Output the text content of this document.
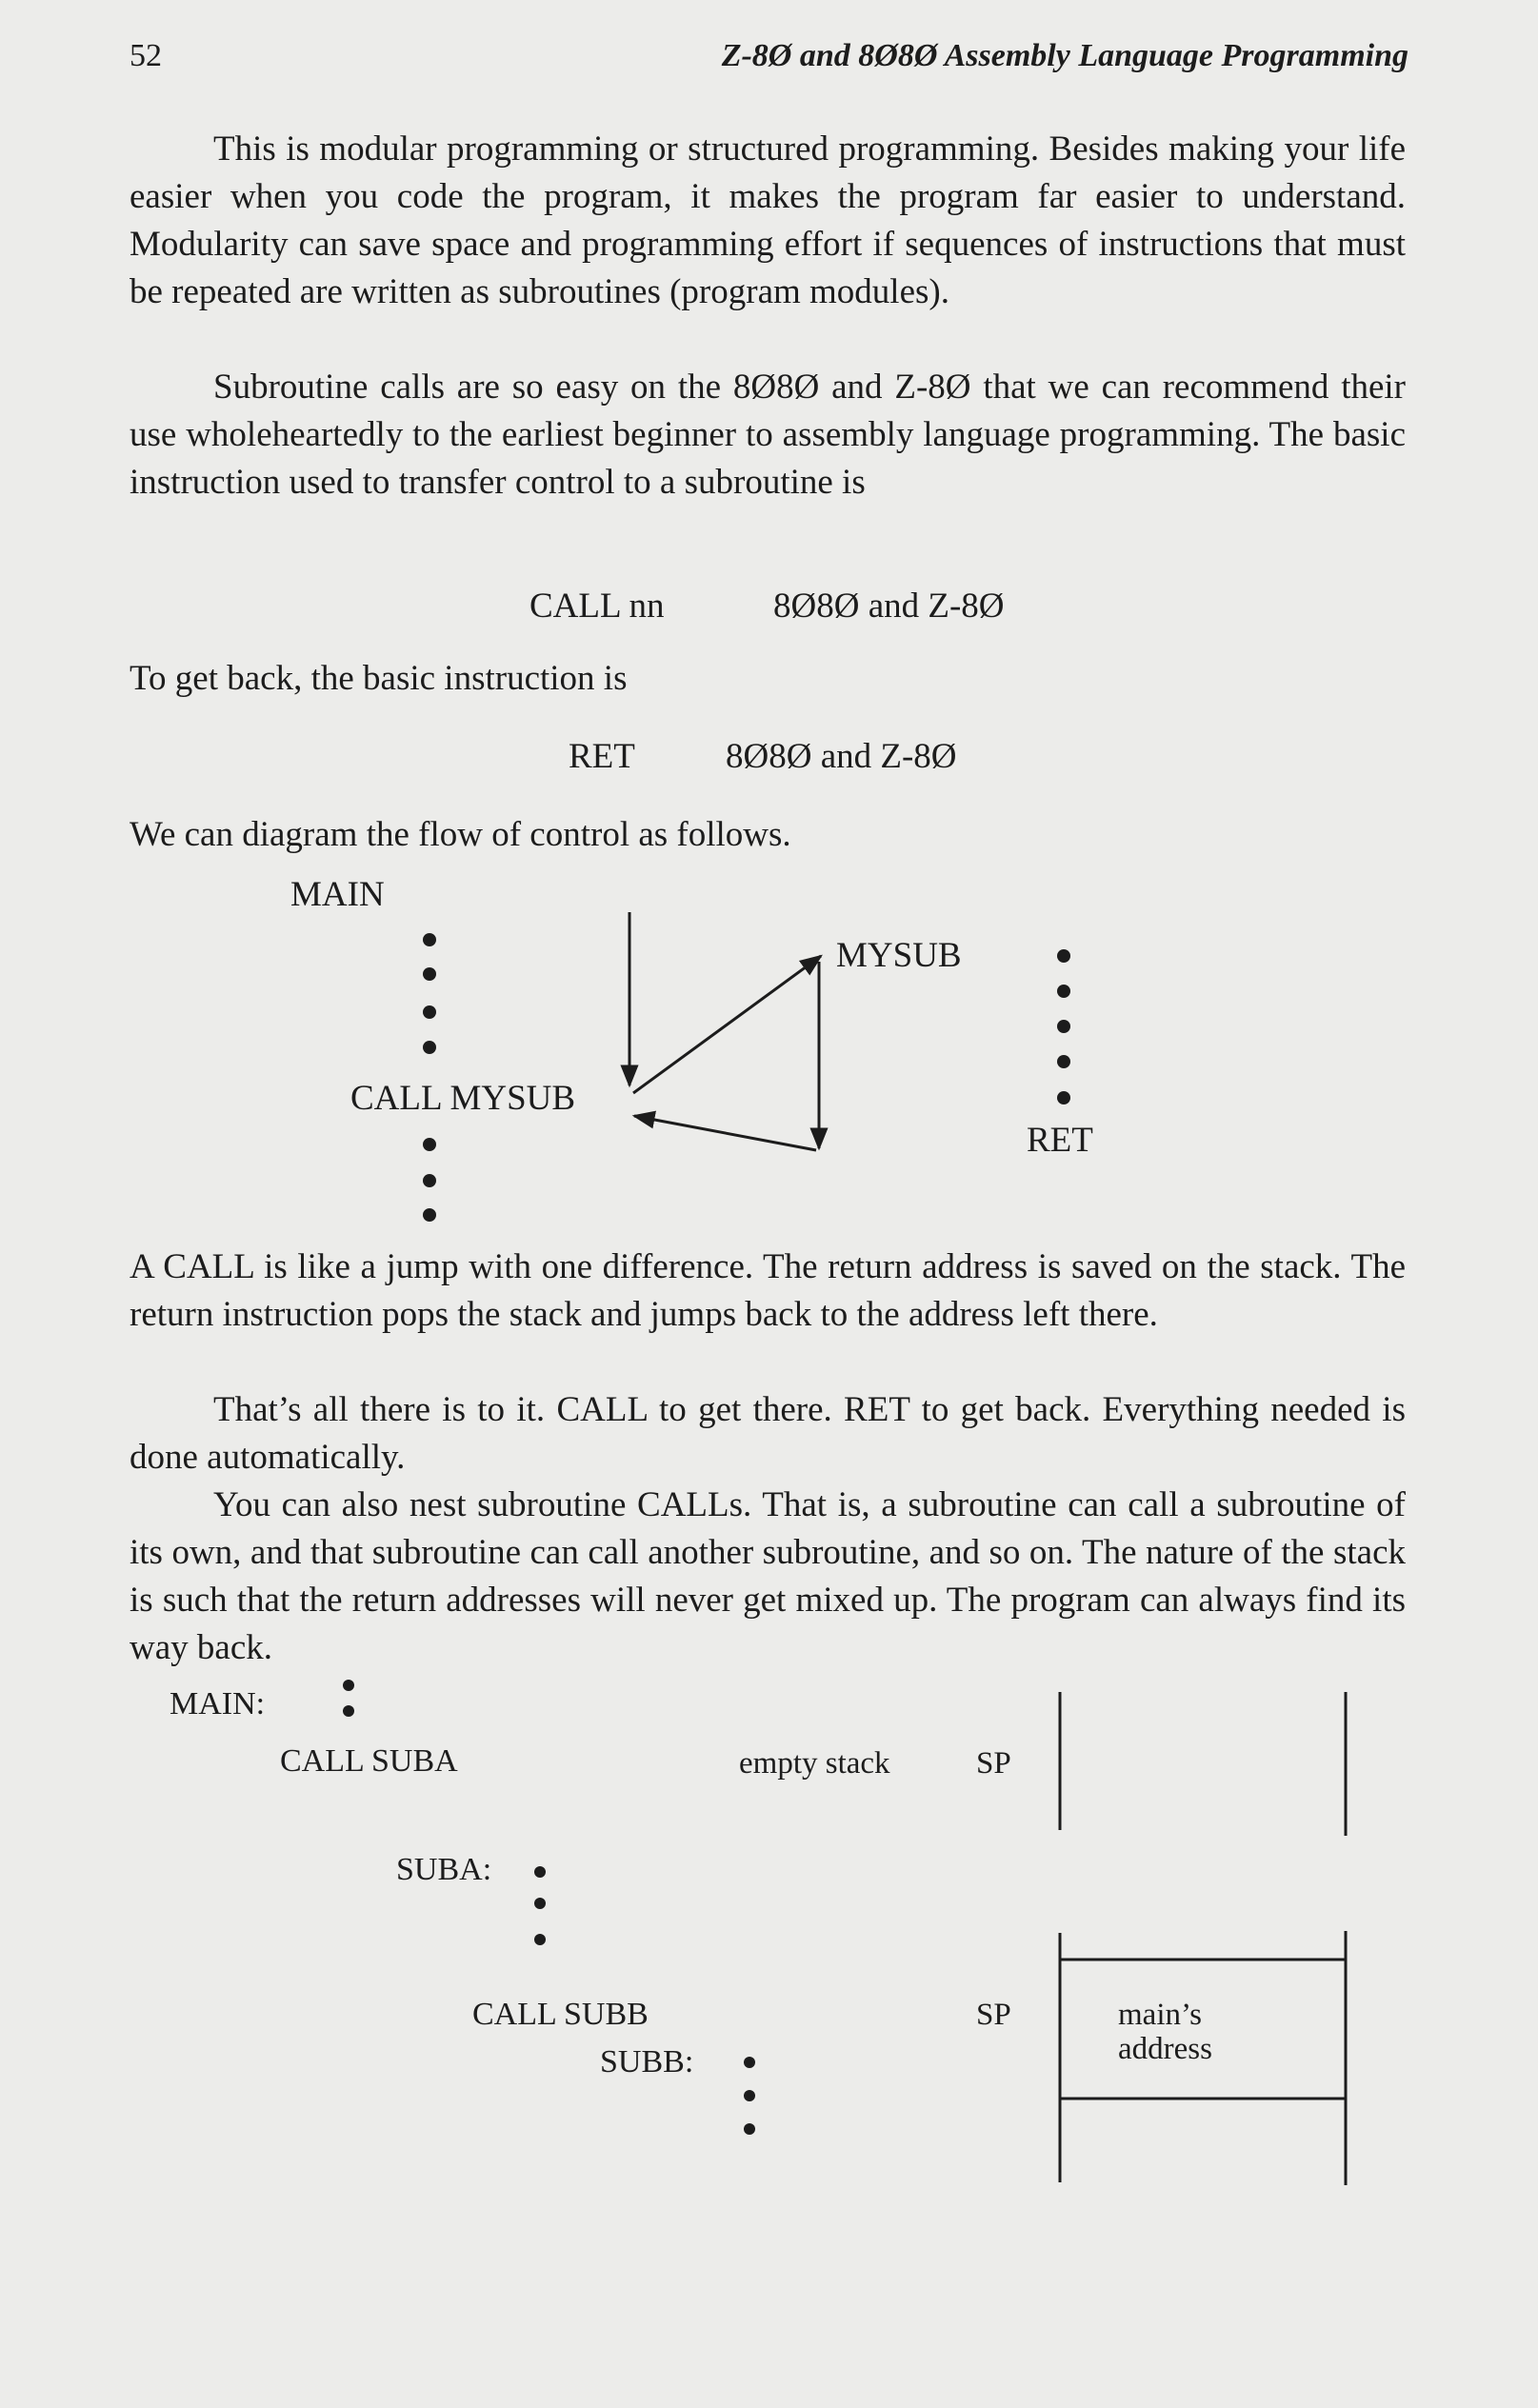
52	Z-8Ø and 8Ø8Ø Assembly Language Programming

This is modular programming or structured programming. Besides making your life easier when you code the program, it makes the program far easier to understand. Modularity can save space and programming effort if sequences of instructions that must be repeated are written as subroutines (program modules).

Subroutine calls are so easy on the 8Ø8Ø and Z-8Ø that we can recommend their use wholeheartedly to the earliest beginner to assembly language programming. The basic instruction used to transfer control to a subroutine is

CALL nn	8Ø8Ø and Z-8Ø

To get back, the basic instruction is

RET	8Ø8Ø and Z-8Ø

We can diagram the flow of control as follows.

MAIN
MYSUB
CALL MYSUB
RET

A CALL is like a jump with one difference. The return address is saved on the stack. The return instruction pops the stack and jumps back to the address left there.

That’s all there is to it. CALL to get there. RET to get back. Everything needed is done automatically.

You can also nest subroutine CALLs. That is, a subroutine can call a subroutine of its own, and that subroutine can call another subroutine, and so on. The nature of the stack is such that the return addresses will never get mixed up. The program can always find its way back.

MAIN:
CALL SUBA	empty stack	SP
SUBA:
CALL SUBB
SUBB:
SP	main’s address
